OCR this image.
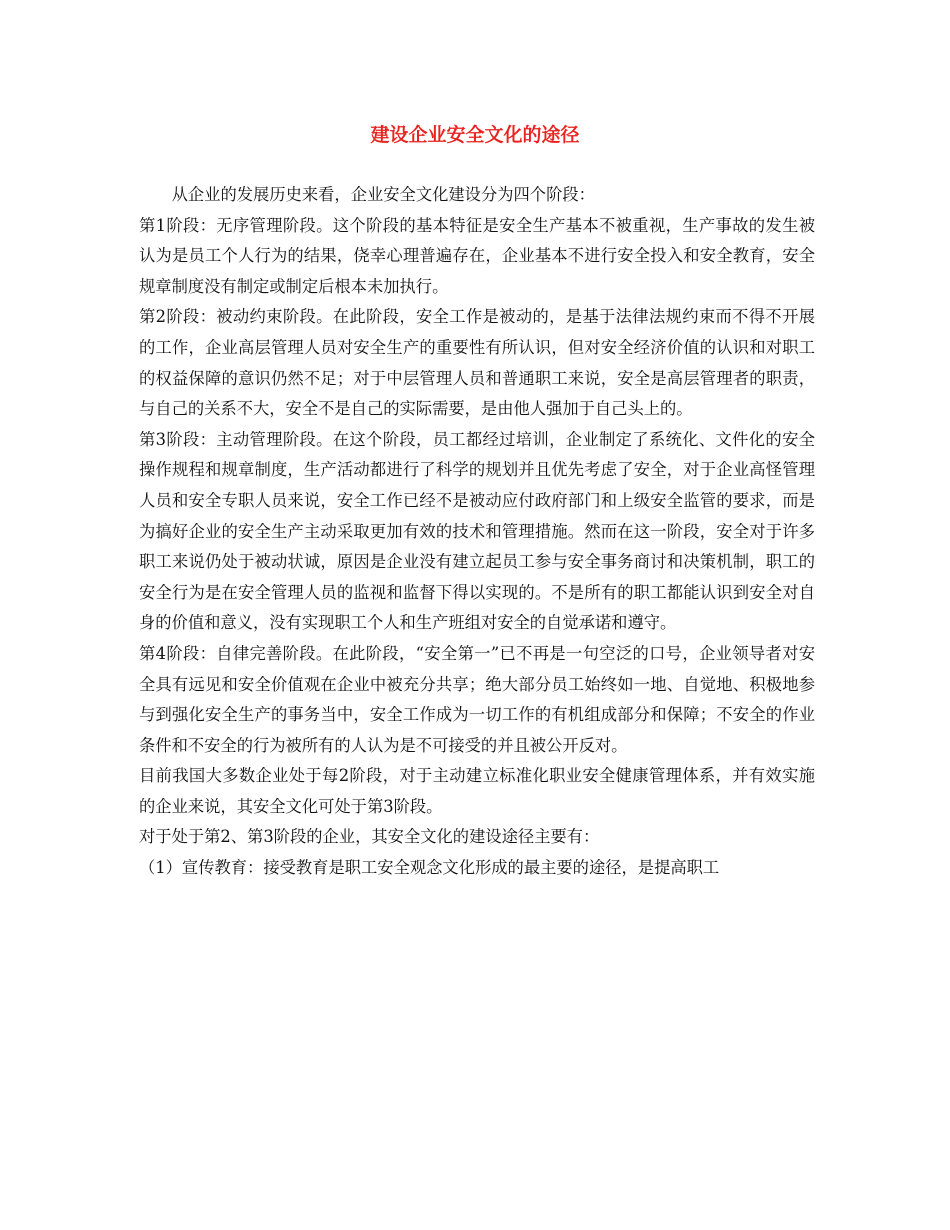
建设企业安全文化的途径

从企业的发展历史来看，企业安全文化建设分为四个阶段：

第1阶段：无序管理阶段。这个阶段的基本特征是安全生产基本不被重视，生产事故的发生被认为是员工个人行为的结果，侥幸心理普遍存在，企业基本不进行安全投入和安全教育，安全规章制度没有制定或制定后根本未加执行。

第2阶段：被动约束阶段。在此阶段，安全工作是被动的，是基于法律法规约束而不得不开展的工作，企业高层管理人员对安全生产的重要性有所认识，但对安全经济价值的认识和对职工的权益保障的意识仍然不足；对于中层管理人员和普通职工来说，安全是高层管理者的职责，与自己的关系不大，安全不是自己的实际需要，是由他人强加于自己头上的。

第3阶段：主动管理阶段。在这个阶段，员工都经过培训，企业制定了系统化、文件化的安全操作规程和规章制度，生产活动都进行了科学的规划并且优先考虑了安全，对于企业高怪管理人员和安全专职人员来说，安全工作已经不是被动应付政府部门和上级安全监管的要求，而是为搞好企业的安全生产主动采取更加有效的技术和管理措施。然而在这一阶段，安全对于许多职工来说仍处于被动状诚，原因是企业没有建立起员工参与安全事务商讨和决策机制，职工的安全行为是在安全管理人员的监视和监督下得以实现的。不是所有的职工都能认识到安全对自身的价值和意义，没有实现职工个人和生产班组对安全的自觉承诺和遵守。

第4阶段：自律完善阶段。在此阶段，“安全第一”已不再是一句空泛的口号，企业领导者对安全具有远见和安全价值观在企业中被充分共享；绝大部分员工始终如一地、自觉地、积极地参与到强化安全生产的事务当中，安全工作成为一切工作的有机组成部分和保障；不安全的作业条件和不安全的行为被所有的人认为是不可接受的并且被公开反对。

目前我国大多数企业处于每2阶段，对于主动建立标准化职业安全健康管理体系，并有效实施的企业来说，其安全文化可处于第3阶段。

对于处于第2、第3阶段的企业，其安全文化的建设途径主要有：

（1）宣传教育：接受教育是职工安全观念文化形成的最主要的途径，是提高职工
